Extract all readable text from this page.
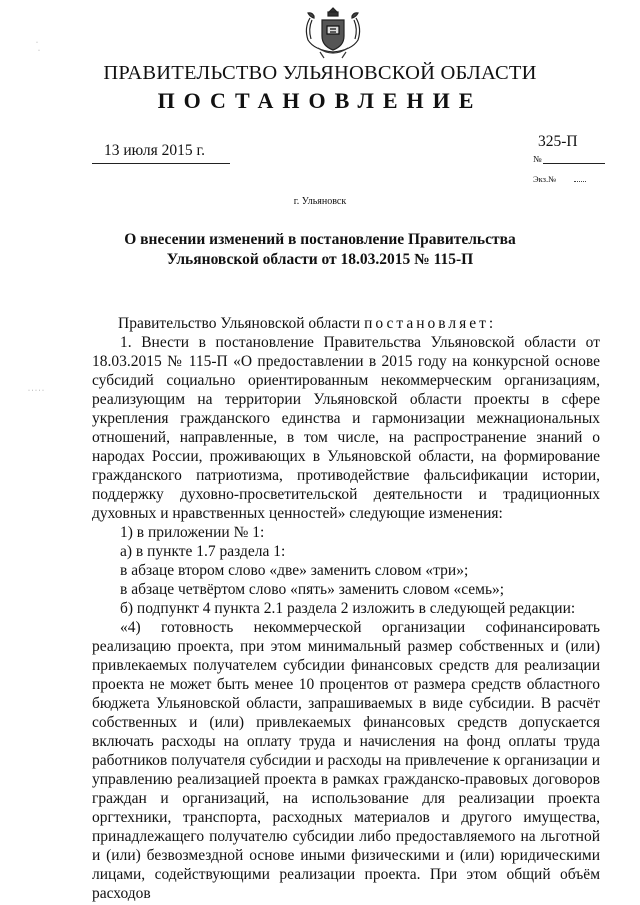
·
·
· · · · ·
ПРАВИТЕЛЬСТВО УЛЬЯНОВСКОЙ ОБЛАСТИ
ПОСТАНОВЛЕНИЕ
13 июля 2015 г.
325-П
№
Экз.№
г. Ульяновск
О внесении изменений в постановление Правительства
Ульяновской области от 18.03.2015 № 115-П
Правительство Ульяновской области постановляет:
1. Внести в постановление Правительства Ульяновской области от 18.03.2015 № 115-П «О предоставлении в 2015 году на конкурсной основе субсидий социально ориентированным некоммерческим организациям, реализующим на территории Ульяновской области проекты в сфере укрепления гражданского единства и гармонизации межнациональных отношений, направленные, в том числе, на распространение знаний о народах России, проживающих в Ульяновской области, на формирование гражданского патриотизма, противодействие фальсификации истории, поддержку духовно-просветительской деятельности и традиционных духовных и нравственных ценностей» следующие изменения:
1) в приложении № 1:
а) в пункте 1.7 раздела 1:
в абзаце втором слово «две» заменить словом «три»;
в абзаце четвёртом слово «пять» заменить словом «семь»;
б) подпункт 4 пункта 2.1 раздела 2 изложить в следующей редакции:
«4) готовность некоммерческой организации софинансировать реализацию проекта, при этом минимальный размер собственных и (или) привлекаемых получателем субсидии финансовых средств для реализации проекта не может быть менее 10 процентов от размера средств областного бюджета Ульяновской области, запрашиваемых в виде субсидии. В расчёт собственных и (или) привлекаемых финансовых средств допускается включать расходы на оплату труда и начисления на фонд оплаты труда работников получателя субсидии и расходы на привлечение к организации и управлению реализацией проекта в рамках гражданско-правовых договоров граждан и организаций, на использование для реализации проекта оргтехники, транспорта, расходных материалов и другого имущества, принадлежащего получателю субсидии либо предоставляемого на льготной и (или) безвозмездной основе иными физическими и (или) юридическими лицами, содействующими реализации проекта. При этом общий объём расходов
